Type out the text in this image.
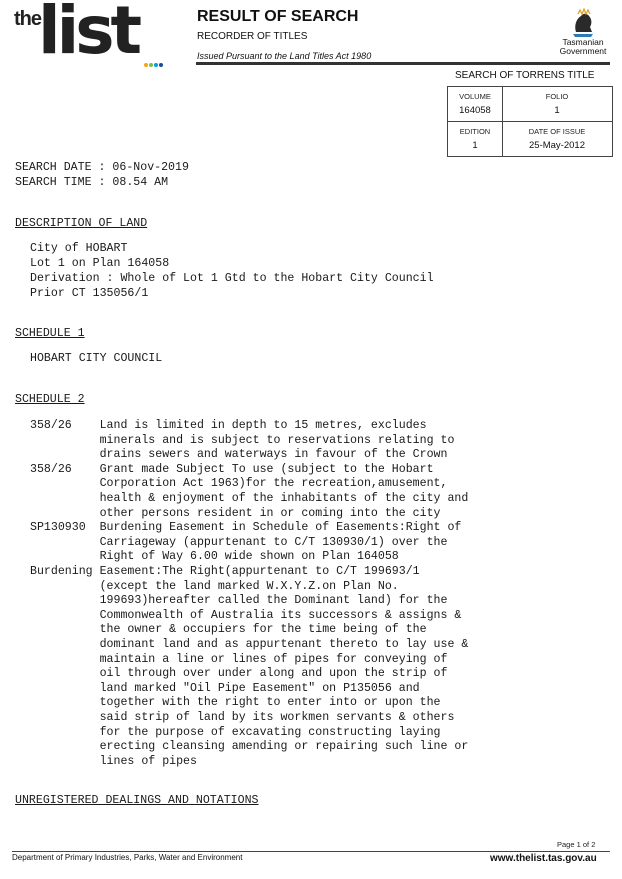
the
list	RESULT OF SEARCH
RECORDER OF TITLES
Issued Pursuant to the Land Titles Act 1980
Tasmanian
Government
SEARCH OF TORRENS TITLE
VOLUME
164058
FOLIO
1
EDITION
1
DATE OF ISSUE
25-May-2012
SEARCH DATE : 06-Nov-2019
SEARCH TIME : 08.54 AM
DESCRIPTION OF LAND
City of HOBART
Lot 1 on Plan 164058
Derivation : Whole of Lot 1 Gtd to the Hobart City Council
Prior CT 135056/1
SCHEDULE 1
HOBART CITY COUNCIL
SCHEDULE 2
358/26    Land is limited in depth to 15 metres, excludes
minerals and is subject to reservations relating to
drains sewers and waterways in favour of the Crown
358/26    Grant made Subject To use (subject to the Hobart
Corporation Act 1963)for the recreation,amusement,
health & enjoyment of the inhabitants of the city and
other persons resident in or coming into the city
SP130930  Burdening Easement in Schedule of Easements:Right of
Carriageway (appurtenant to C/T 130930/1) over the
Right of Way 6.00 wide shown on Plan 164058
Burdening Easement:The Right(appurtenant to C/T 199693/1
(except the land marked W.X.Y.Z.on Plan No.
199693)hereafter called the Dominant land) for the
Commonwealth of Australia its successors & assigns &
the owner & occupiers for the time being of the
dominant land and as appurtenant thereto to lay use &
maintain a line or lines of pipes for conveying of
oil through over under along and upon the strip of
land marked "Oil Pipe Easement" on P135056 and
together with the right to enter into or upon the
said strip of land by its workmen servants & others
for the purpose of excavating constructing laying
erecting cleansing amending or repairing such line or
lines of pipes
UNREGISTERED DEALINGS AND NOTATIONS
Page 1 of 2
Department of Primary Industries, Parks, Water and Environment	www.thelist.tas.gov.au
